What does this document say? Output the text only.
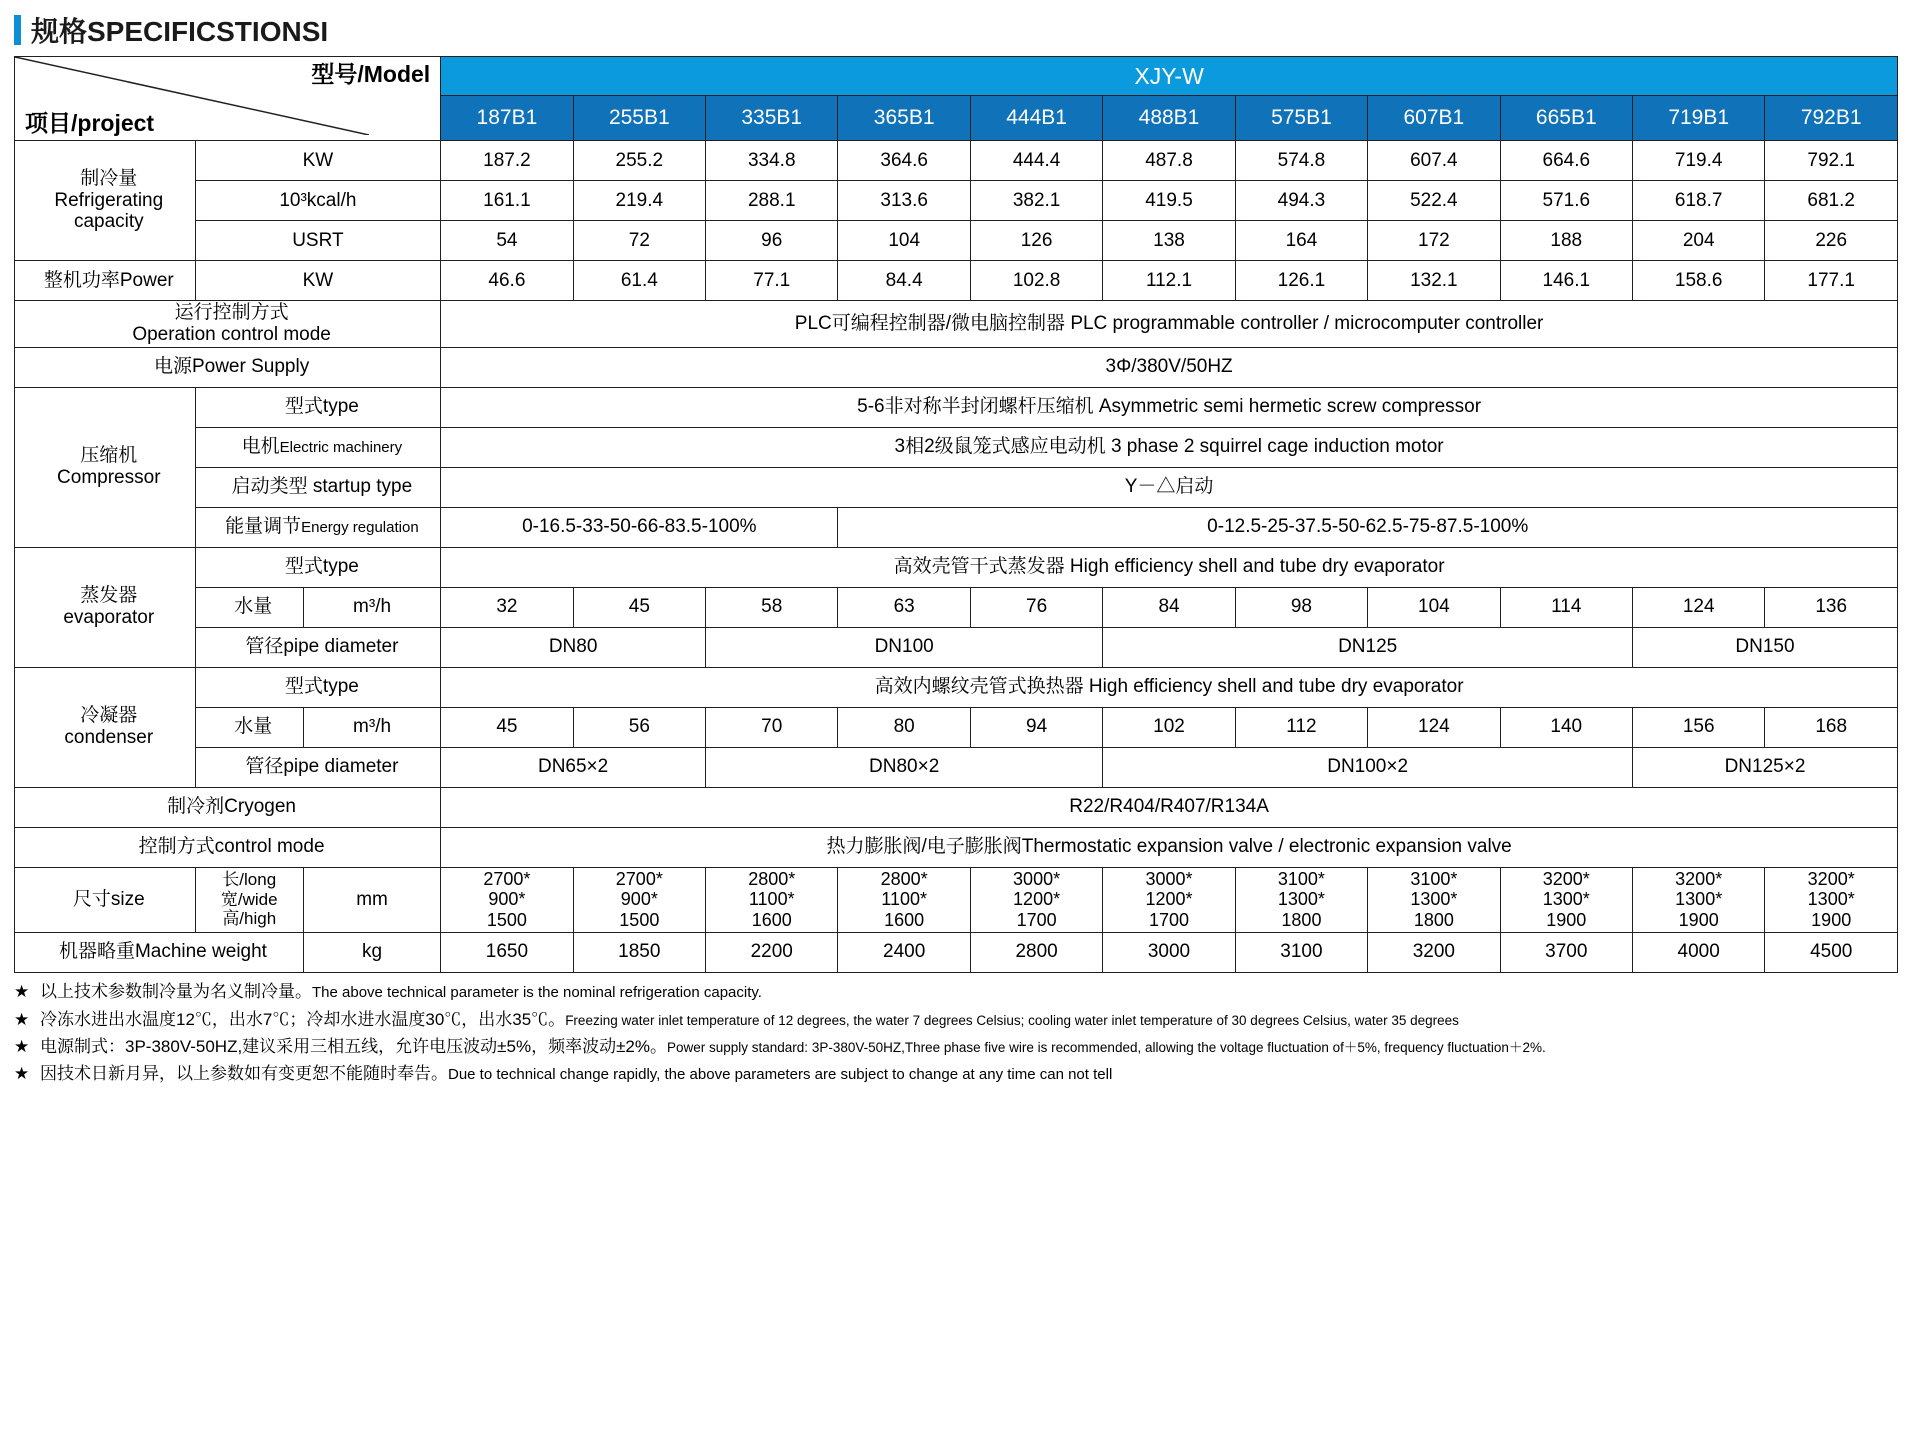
规格SPECIFICSTIONSI
型号/Model
项目/project			XJY-W										
			187B1	255B1	335B1	365B1	444B1	488B1	575B1	607B1	665B1	719B1	792B1

制冷量
Refrigerating capacity	KW		187.2	255.2	334.8	364.6	444.4	487.8	574.8	607.4	664.6	719.4	792.1
	10³kcal/h		161.1	219.4	288.1	313.6	382.1	419.5	494.3	522.4	571.6	618.7	681.2
	USRT		54	72	96	104	126	138	164	172	188	204	226
整机功率Power	KW		46.6	61.4	77.1	84.4	102.8	112.1	126.1	132.1	146.1	158.6	177.1

运行控制方式
Operation control mode			PLC可编程控制器/微电脑控制器 PLC programmable controller / microcomputer controller										
电源Power Supply			3Φ/380V/50HZ										

压缩机
Compressor	型式type		5-6非对称半封闭螺杆压缩机 Asymmetric semi hermetic screw compressor										
	电机Electric machinery		3相2级鼠笼式感应电动机 3 phase 2 squirrel cage induction motor										
	启动类型 startup type		Y－△启动										
	能量调节Energy regulation		0-16.5-33-50-66-83.5-100%			0-12.5-25-37.5-50-62.5-75-87.5-100%							

蒸发器
evaporator	型式type		高效壳管干式蒸发器 High efficiency shell and tube dry evaporator										
	水量	m³/h	32	45	58	63	76	84	98	104	114	124	136
	管径pipe diameter		DN80		DN100			DN125				DN150	

冷凝器
condenser	型式type		高效内螺纹壳管式换热器 High efficiency shell and tube dry evaporator										
	水量	m³/h	45	56	70	80	94	102	112	124	140	156	168
	管径pipe diameter		DN65×2		DN80×2			DN100×2				DN125×2	
制冷剂Cryogen			R22/R404/R407/R134A										
控制方式control mode			热力膨胀阀/电子膨胀阀Thermostatic expansion valve / electronic expansion valve										
尺寸size	长/long
宽/wide
高/high	mm	2700*
900*
1500	2700*
900*
1500	2800*
1100*
1600	2800*
1100*
1600	3000*
1200*
1700	3000*
1200*
1700	3100*
1300*
1800	3100*
1300*
1800	3200*
1300*
1900	3200*
1300*
1900	3200*
1300*
1900

机器略重Machine weight		kg	1650	1850	2200	2400	2800	3000	3100	3200	3700	4000	4500
★ 以上技术参数制冷量为名义制冷量。The above technical parameter is the nominal refrigeration capacity.
★ 冷冻水进出水温度12℃，出水7℃；冷却水进水温度30℃，出水35℃。Freezing water inlet temperature of 12 degrees, the water 7 degrees Celsius; cooling water inlet temperature of 30 degrees Celsius, water 35 degrees
★ 电源制式：3P-380V-50HZ,建议采用三相五线，允许电压波动±5%，频率波动±2%。Power supply standard: 3P-380V-50HZ,Three phase five wire is recommended, allowing the voltage fluctuation of＋5%, frequency fluctuation＋2%.
★ 因技术日新月异，以上参数如有变更恕不能随时奉告。Due to technical change rapidly, the above parameters are subject to change at any time can not tell
